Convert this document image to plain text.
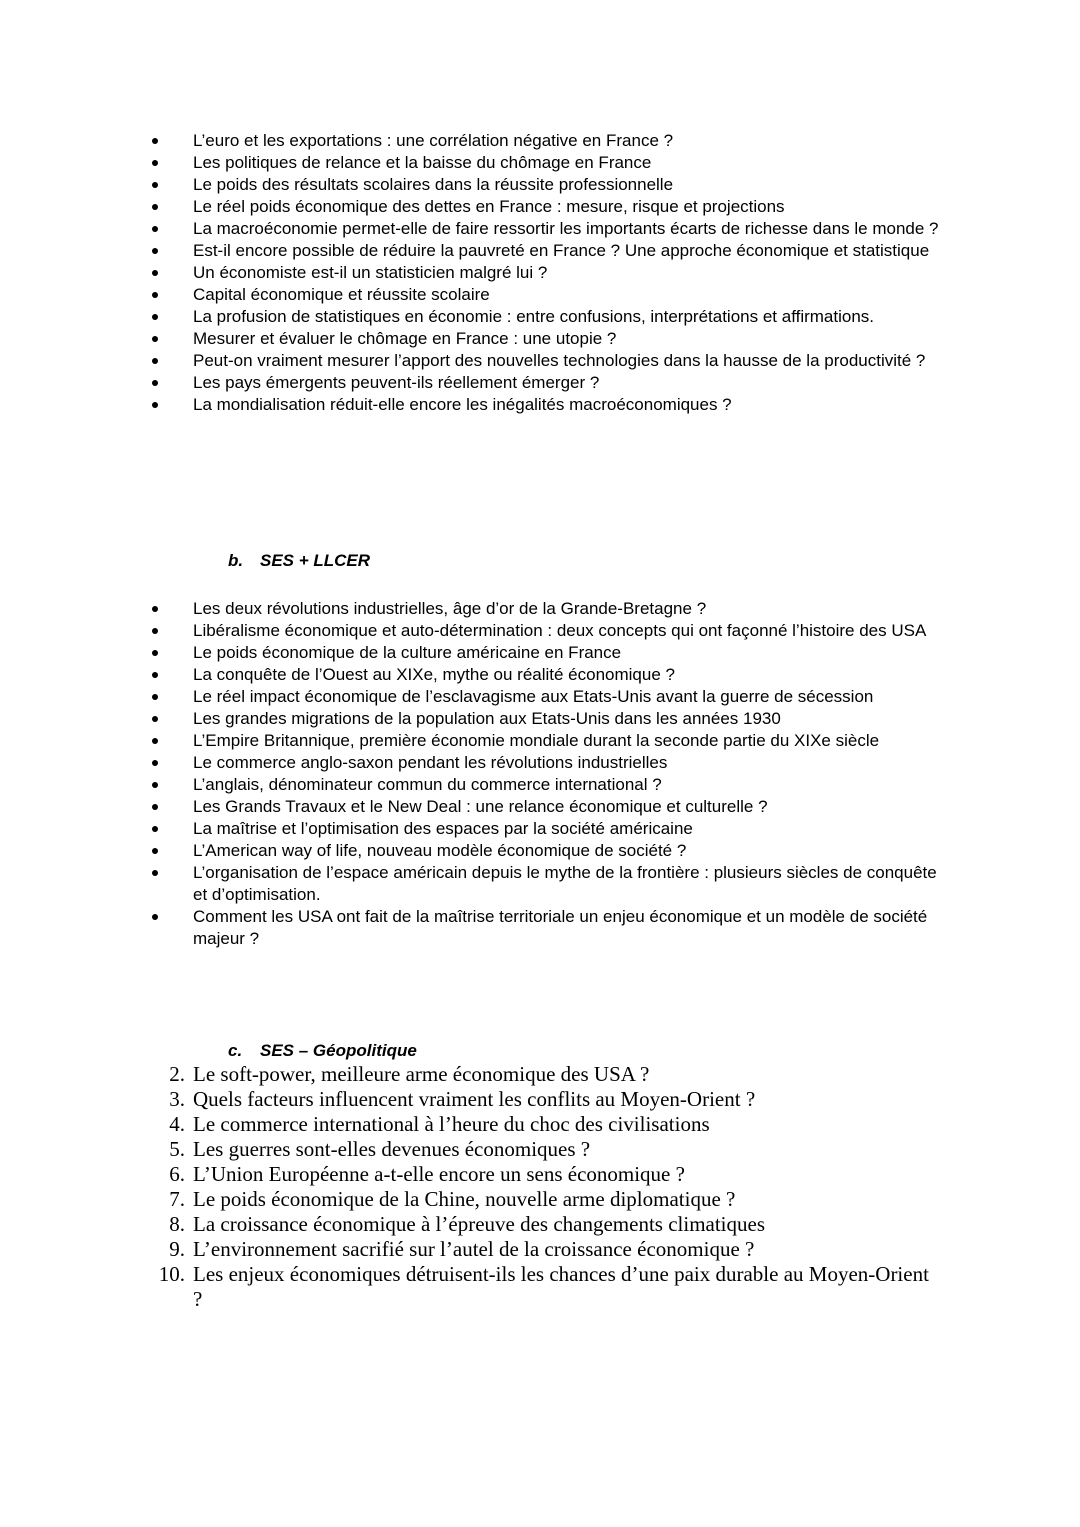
L’euro et les exportations : une corrélation négative en France ?
Les politiques de relance et la baisse du chômage en France
Le poids des résultats scolaires dans la réussite professionnelle
Le réel poids économique des dettes en France : mesure, risque et projections
La macroéconomie permet-elle de faire ressortir les importants écarts de richesse dans le monde ?
Est-il encore possible de réduire la pauvreté en France ? Une approche économique et statistique
Un économiste est-il un statisticien malgré lui ?
Capital économique et réussite scolaire
La profusion de statistiques en économie : entre confusions, interprétations et affirmations.
Mesurer et évaluer le chômage en France : une utopie ?
Peut-on vraiment mesurer l’apport des nouvelles technologies dans la hausse de la productivité ?
Les pays émergents peuvent-ils réellement émerger ?
La mondialisation réduit-elle encore les inégalités macroéconomiques ?
b. SES + LLCER
Les deux révolutions industrielles, âge d’or de la Grande-Bretagne ?
Libéralisme économique et auto-détermination : deux concepts qui ont façonné l’histoire des USA
Le poids économique de la culture américaine en France
La conquête de l’Ouest au XIXe, mythe ou réalité économique ?
Le réel impact économique de l’esclavagisme aux Etats-Unis avant la guerre de sécession
Les grandes migrations de la population aux Etats-Unis dans les années 1930
L’Empire Britannique, première économie mondiale durant la seconde partie du XIXe siècle
Le commerce anglo-saxon pendant les révolutions industrielles
L’anglais, dénominateur commun du commerce international ?
Les Grands Travaux et le New Deal : une relance économique et culturelle ?
La maîtrise et l’optimisation des espaces par la société américaine
L’American way of life, nouveau modèle économique de société ?
L’organisation de l’espace américain depuis le mythe de la frontière : plusieurs siècles de conquête et d’optimisation.
Comment les USA ont fait de la maîtrise territoriale un enjeu économique et un modèle de société majeur ?
c. SES – Géopolitique
2. Le soft-power, meilleure arme économique des USA ?
3. Quels facteurs influencent vraiment les conflits au Moyen-Orient ?
4. Le commerce international à l’heure du choc des civilisations
5. Les guerres sont-elles devenues économiques ?
6. L’Union Européenne a-t-elle encore un sens économique ?
7. Le poids économique de la Chine, nouvelle arme diplomatique ?
8. La croissance économique à l’épreuve des changements climatiques
9. L’environnement sacrifié sur l’autel de la croissance économique ?
10. Les enjeux économiques détruisent-ils les chances d’une paix durable au Moyen-Orient ?
